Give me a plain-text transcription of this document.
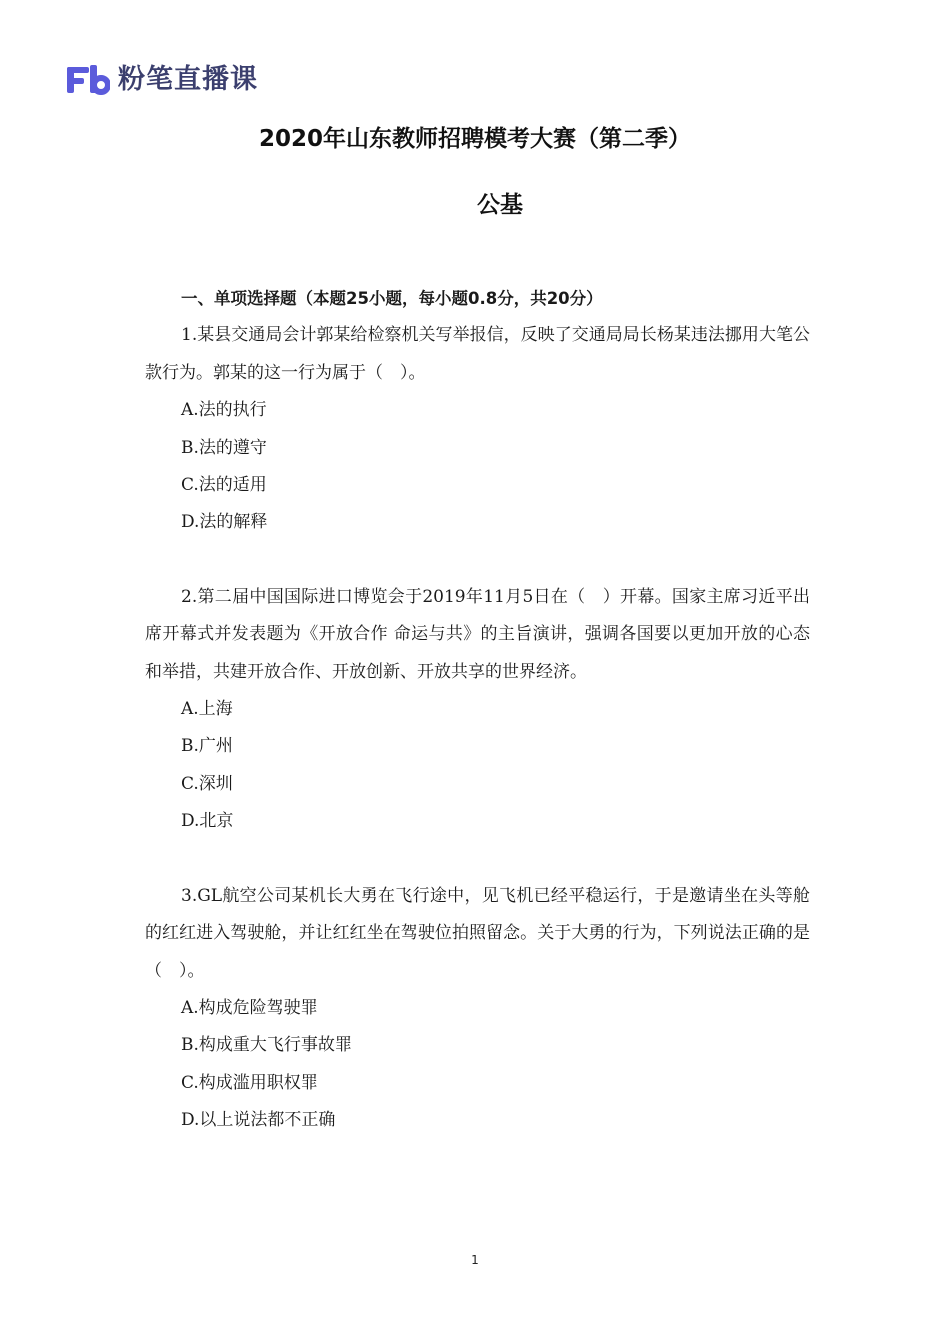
粉笔直播课
2020年山东教师招聘模考大赛（第二季）
公基
一、单项选择题（本题25小题，每小题0.8分，共20分）
1.某县交通局会计郭某给检察机关写举报信，反映了交通局局长杨某违法挪用大笔公款行为。郭某的这一行为属于（　）。
A.法的执行
B.法的遵守
C.法的适用
D.法的解释
2.第二届中国国际进口博览会于2019年11月5日在（　）开幕。国家主席习近平出席开幕式并发表题为《开放合作 命运与共》的主旨演讲，强调各国要以更加开放的心态和举措，共建开放合作、开放创新、开放共享的世界经济。
A.上海
B.广州
C.深圳
D.北京
3.GL航空公司某机长大勇在飞行途中，见飞机已经平稳运行，于是邀请坐在头等舱的红红进入驾驶舱，并让红红坐在驾驶位拍照留念。关于大勇的行为，下列说法正确的是（　）。
A.构成危险驾驶罪
B.构成重大飞行事故罪
C.构成滥用职权罪
D.以上说法都不正确
1
